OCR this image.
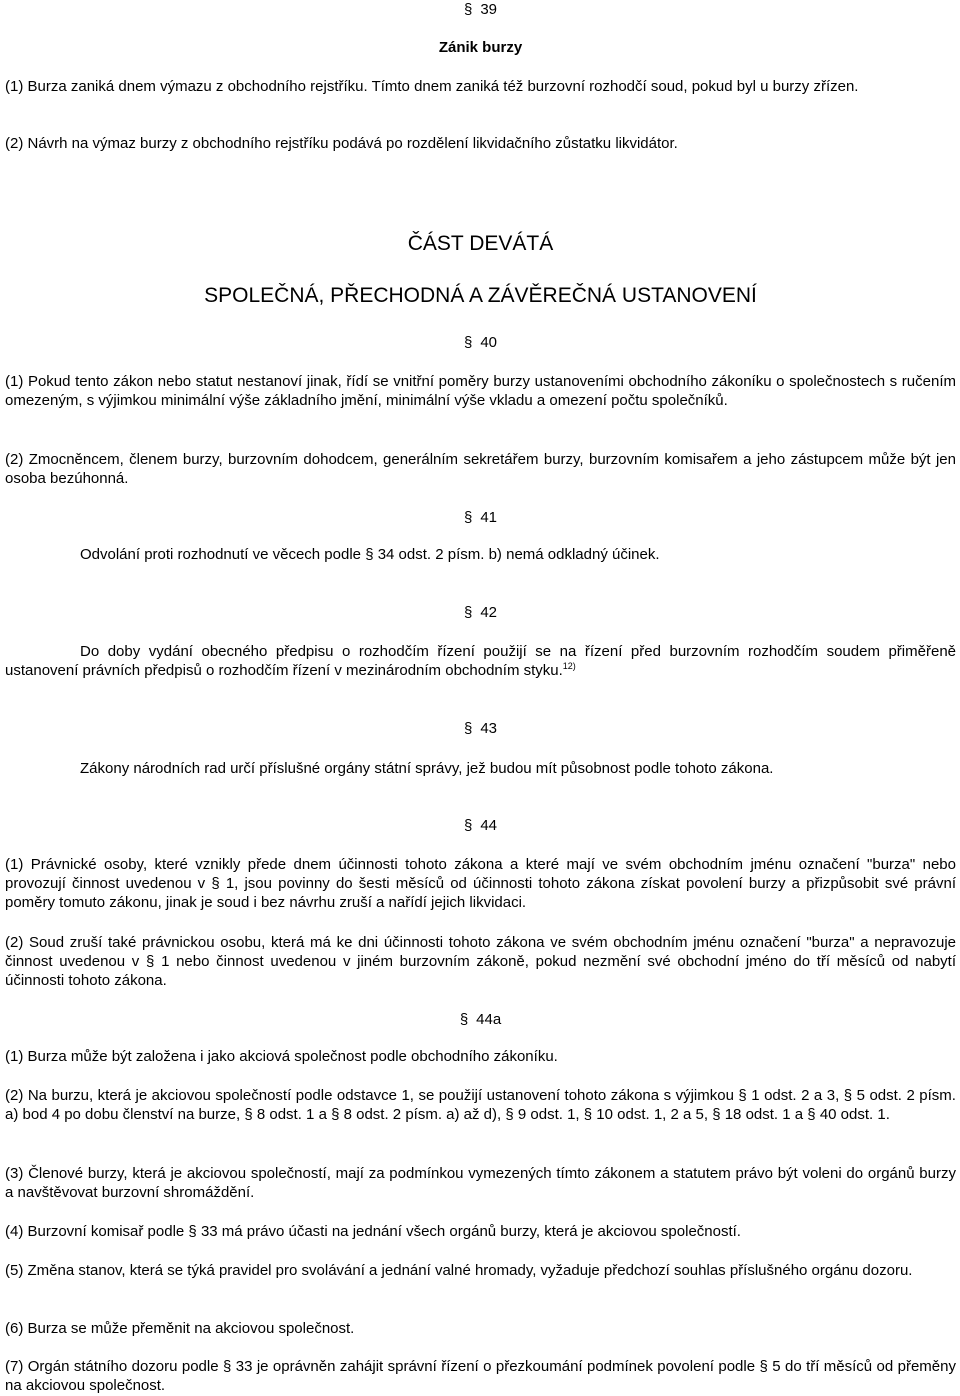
§ 39
Zánik burzy

(1) Burza zaniká dnem výmazu z obchodního rejstříku. Tímto dnem zaniká též burzovní rozhodčí soud, pokud byl u burzy zřízen.

(2) Návrh na výmaz burzy z obchodního rejstříku podává po rozdělení likvidačního zůstatku likvidátor.

ČÁST DEVÁTÁ
SPOLEČNÁ, PŘECHODNÁ A ZÁVĚREČNÁ USTANOVENÍ
§ 40

(1) Pokud tento zákon nebo statut nestanoví jinak, řídí se vnitřní poměry burzy ustanoveními obchodního zákoníku o společnostech s ručením omezeným, s výjimkou minimální výše základního jmění, minimální výše vkladu a omezení počtu společníků.

(2) Zmocněncem, členem burzy, burzovním dohodcem, generálním sekretářem burzy, burzovním komisařem a jeho zástupcem může být jen osoba bezúhonná.

§ 41

Odvolání proti rozhodnutí ve věcech podle § 34 odst. 2 písm. b) nemá odkladný účinek.

§ 42

Do doby vydání obecného předpisu o rozhodčím řízení použijí se na řízení před burzovním rozhodčím soudem přiměřeně ustanovení právních předpisů o rozhodčím řízení v mezinárodním obchodním styku.$^{12)}$

§ 43

Zákony národních rad určí příslušné orgány státní správy, jež budou mít působnost podle tohoto zákona.

§ 44

(1) Právnické osoby, které vznikly přede dnem účinnosti tohoto zákona a které mají ve svém obchodním jménu označení "burza" nebo provozují činnost uvedenou v § 1, jsou povinny do šesti měsíců od účinnosti tohoto zákona získat povolení burzy a přizpůsobit své právní poměry tomuto zákonu, jinak je soud i bez návrhu zruší a nařídí jejich likvidaci.

(2) Soud zruší také právnickou osobu, která má ke dni účinnosti tohoto zákona ve svém obchodním jménu označení "burza" a nepravozuje činnost uvedenou v § 1 nebo činnost uvedenou v jiném burzovním zákoně, pokud nezmění své obchodní jméno do tří měsíců od nabytí účinnosti tohoto zákona.

§ 44a

(1) Burza může být založena i jako akciová společnost podle obchodního zákoníku.

(2) Na burzu, která je akciovou společností podle odstavce 1, se použijí ustanovení tohoto zákona s výjimkou § 1 odst. 2 a 3, § 5 odst. 2 písm. a) bod 4 po dobu členství na burze, § 8 odst. 1 a § 8 odst. 2 písm. a) až d), § 9 odst. 1, § 10 odst. 1, 2 a 5, § 18 odst. 1 a § 40 odst. 1.

(3) Členové burzy, která je akciovou společností, mají za podmínkou vymezených tímto zákonem a statutem právo být voleni do orgánů burzy a navštěvovat burzovní shromáždění.

(4) Burzovní komisař podle § 33 má právo účasti na jednání všech orgánů burzy, která je akciovou společností.

(5) Změna stanov, která se týká pravidel pro svolávání a jednání valné hromady, vyžaduje předchozí souhlas příslušného orgánu dozoru.

(6) Burza se může přeměnit na akciovou společnost.

(7) Orgán státního dozoru podle § 33 je oprávněn zahájit správní řízení o přezkoumání podmínek povolení podle § 5 do tří měsíců od přeměny na akciovou společnost.
